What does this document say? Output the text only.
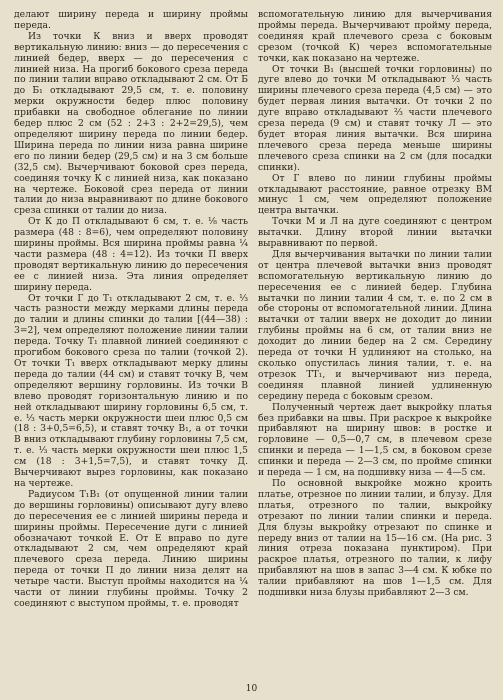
делают ширину переда и ширину проймы переда.

Из точки К вниз и вверх проводят вертикальную линию: вниз — до пересечения с линией бедер, вверх — до пересечения с линией низа. На прогиб бокового среза переда по линии талии вправо откладывают 2 см. От Б до Б₁ откладывают 29,5 см, т. е. половину мерки окружности бедер плюс половину прибавки на свободное облегание по линии бедер плюс 2 см (52 : 2+3 : 2+2=29,5), чем определяют ширину переда по линии бедер. Ширина переда по линии низа равна ширине его по линии бедер (29,5 см) и на 3 см больше (32,5 см). Вычерчивают боковой срез переда, соединяя точку К с линией низа, как показано на чертеже. Боковой срез переда от линии талии до низа выравнивают по длине бокового среза спинки от талии до низа.

От К до П откладывают 6 см, т. е. ⅛ часть размера (48 : 8=6), чем определяют половину ширины проймы. Вся ширина проймы равна ¼ части размера (48 : 4=12). Из точки П вверх проводят вертикальную линию до пересечения ее с линией низа. Эта линия определяет ширину переда.

От точки Г до Т₁ откладывают 2 см, т. е. ⅓ часть разности между мерками длины переда до талии и длины спинки до талии [(44—38) : 3=2], чем определяют положение линии талии переда. Точку Т₁ плавной линией соединяют с прогибом бокового среза по талии (точкой 2). От точки Т₁ вверх откладывают мерку длины переда до талии (44 см) и ставят точку В, чем определяют вершину горловины. Из точки В влево проводят горизонтальную линию и по ней откладывают ширину горловины 6,5 см, т. е. ⅓ часть мерки окружности шеи плюс 0,5 см (18 : 3+0,5=6,5), и ставят точку В₁, а от точки В вниз откладывают глубину горловины 7,5 см, т. е. ⅓ часть мерки окружности шеи плюс 1,5 см (18 : 3+1,5=7,5), и ставят точку Д. Вычерчивают вырез горловины, как показано на чертеже.

Радиусом Т₁В₁ (от опущенной линии талии до вершины горловины) описывают дугу влево до пересечения ее с линией ширины переда и ширины проймы. Пересечение дуги с линией обозначают точкой Е. От Е вправо по дуге откладывают 2 см, чем определяют край плечевого среза переда. Линию ширины переда от точки П до линии низа делят на четыре части. Выступ проймы находится на ¼ части от линии глубины проймы. Точку 2 соединяют с выступом проймы, т. е. проводят

вспомогательную линию для вычерчивания проймы переда. Вычерчивают пройму переда, соединяя край плечевого среза с боковым срезом (точкой К) через вспомогательные точки, как показано на чертеже.

От точки В₁ (высшей точки горловины) по дуге влево до точки М откладывают ⅓ часть ширины плечевого среза переда (4,5 см) — это будет первая линия вытачки. От точки 2 по дуге вправо откладывают ⅔ части плечевого среза переда (9 см) и ставят точку Л — это будет вторая линия вытачки. Вся ширина плечевого среза переда меньше ширины плечевого среза спинки на 2 см (для посадки спинки).

От Г влево по линии глубины проймы откладывают расстояние, равное отрезку ВМ минус 1 см, чем определяют положение центра вытачки.

Точки М и Л на дуге соединяют с центром вытачки. Длину второй линии вытачки выравнивают по первой.

Для вычерчивания вытачки по линии талии от центра плечевой вытачки вниз проводят вспомогательную вертикальную линию до пересечения ее с линией бедер. Глубина вытачки по линии талии 4 см, т. е. по 2 см в обе стороны от вспомогательной линии. Длина вытачки от талии вверх не доходит до линии глубины проймы на 6 см, от талии вниз не доходит до линии бедер на 2 см. Середину переда от точки Н удлиняют на столько, на сколько опустилась линия талии, т. е. на отрезок ТТ₁, и вычерчивают низ переда, соединяя плавной линией удлиненную середину переда с боковым срезом.

Полученный чертеж дает выкройку платья без прибавки на швы. При раскрое к выкройке прибавляют на ширину швов: в ростке и горловине — 0,5—0,7 см, в плечевом срезе спинки и переда — 1—1,5 см, в боковом срезе спинки и переда — 2—3 см, по пройме спинки и переда — 1 см, на подшивку низа — 4—5 см.

По основной выкройке можно кроить платье, отрезное по линии талии, и блузу. Для платья, отрезного по талии, выкройку отрезают по линии талии спинки и переда. Для блузы выкройку отрезают по спинке и переду вниз от талии на 15—16 см. (На рис. 3 линия отреза показана пунктиром). При раскрое платья, отрезного по талии, к лифу прибавляют на шов в запас 3—4 см. К юбке по талии прибавляют на шов 1—1,5 см. Для подшивки низа блузы прибавляют 2—3 см.

10
